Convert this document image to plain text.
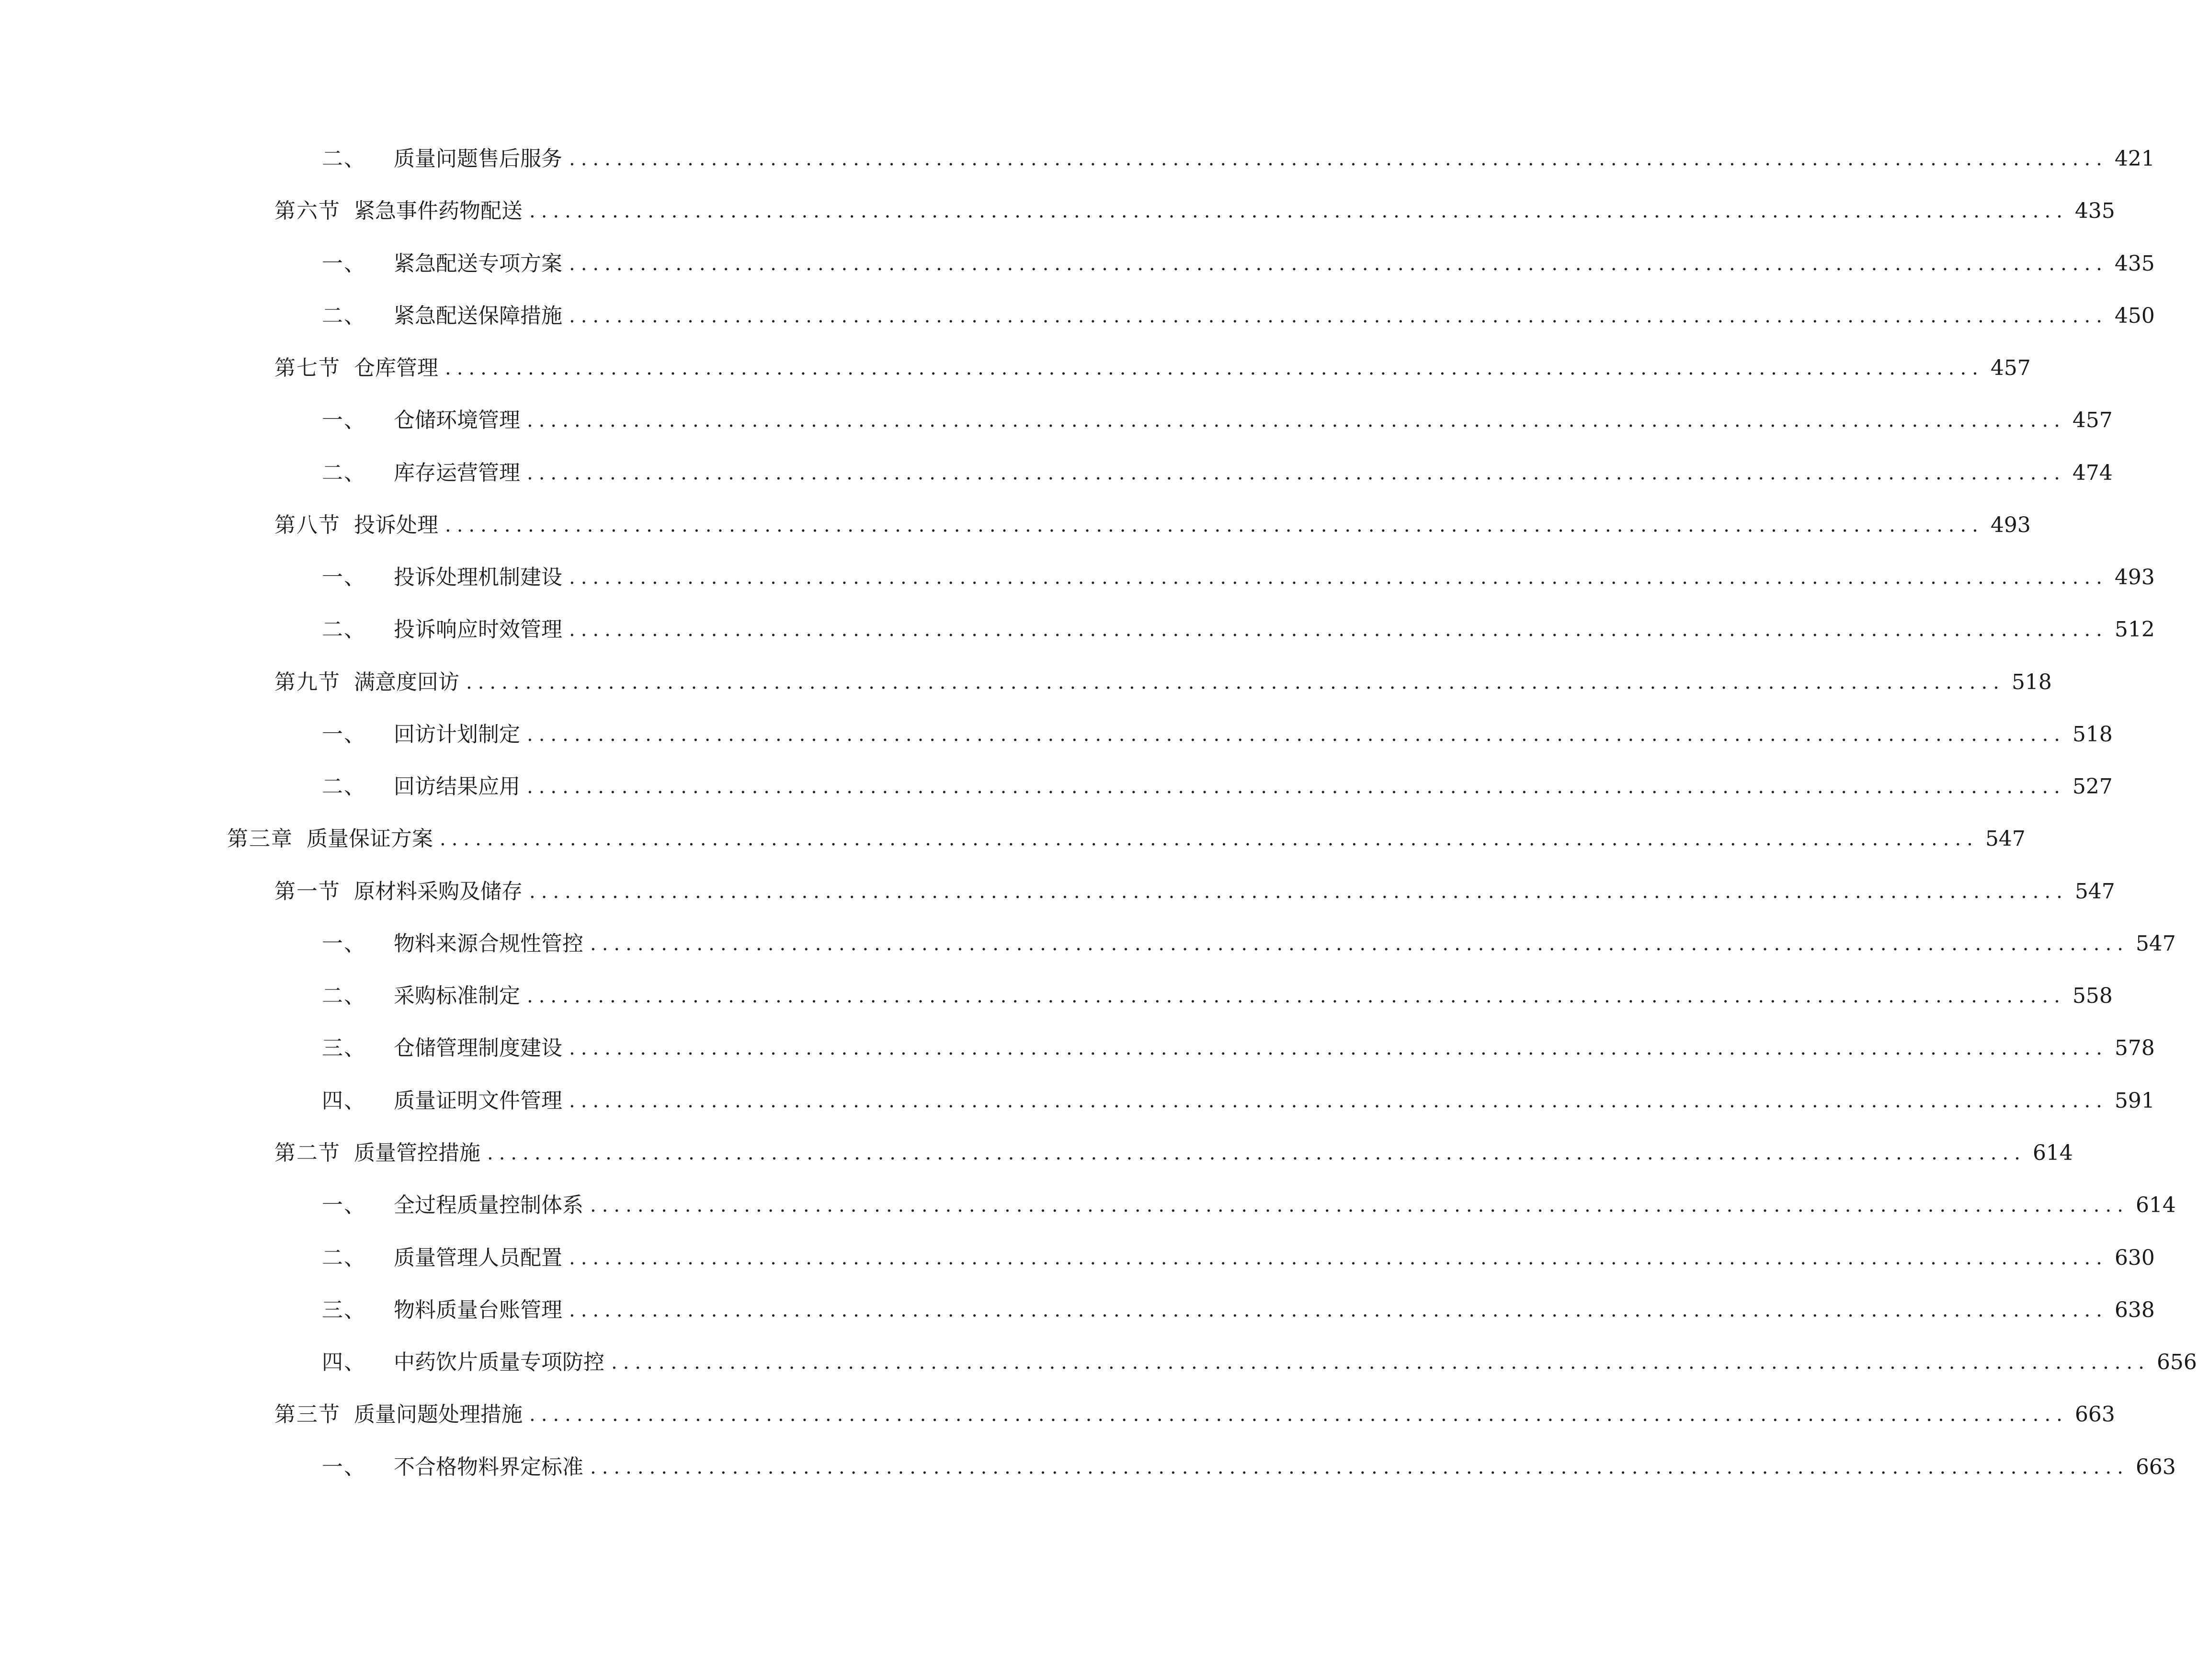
二、 质量问题售后服务 .................................................................................................................................. 421
第六节 紧急事件药物配送 .................................................................................................................................. 435
一、 紧急配送专项方案 .................................................................................................................................. 435
二、 紧急配送保障措施 .................................................................................................................................. 450
第七节 仓库管理 .................................................................................................................................. 457
一、 仓储环境管理 .................................................................................................................................. 457
二、 库存运营管理 .................................................................................................................................. 474
第八节 投诉处理 .................................................................................................................................. 493
一、 投诉处理机制建设 .................................................................................................................................. 493
二、 投诉响应时效管理 .................................................................................................................................. 512
第九节 满意度回访 .................................................................................................................................. 518
一、 回访计划制定 .................................................................................................................................. 518
二、 回访结果应用 .................................................................................................................................. 527
第三章 质量保证方案 .................................................................................................................................. 547
第一节 原材料采购及储存 .................................................................................................................................. 547
一、 物料来源合规性管控 .................................................................................................................................. 547
二、 采购标准制定 .................................................................................................................................. 558
三、 仓储管理制度建设 .................................................................................................................................. 578
四、 质量证明文件管理 .................................................................................................................................. 591
第二节 质量管控措施 .................................................................................................................................. 614
一、 全过程质量控制体系 .................................................................................................................................. 614
二、 质量管理人员配置 .................................................................................................................................. 630
三、 物料质量台账管理 .................................................................................................................................. 638
四、 中药饮片质量专项防控 .................................................................................................................................. 656
第三节 质量问题处理措施 .................................................................................................................................. 663
一、 不合格物料界定标准 .................................................................................................................................. 663
